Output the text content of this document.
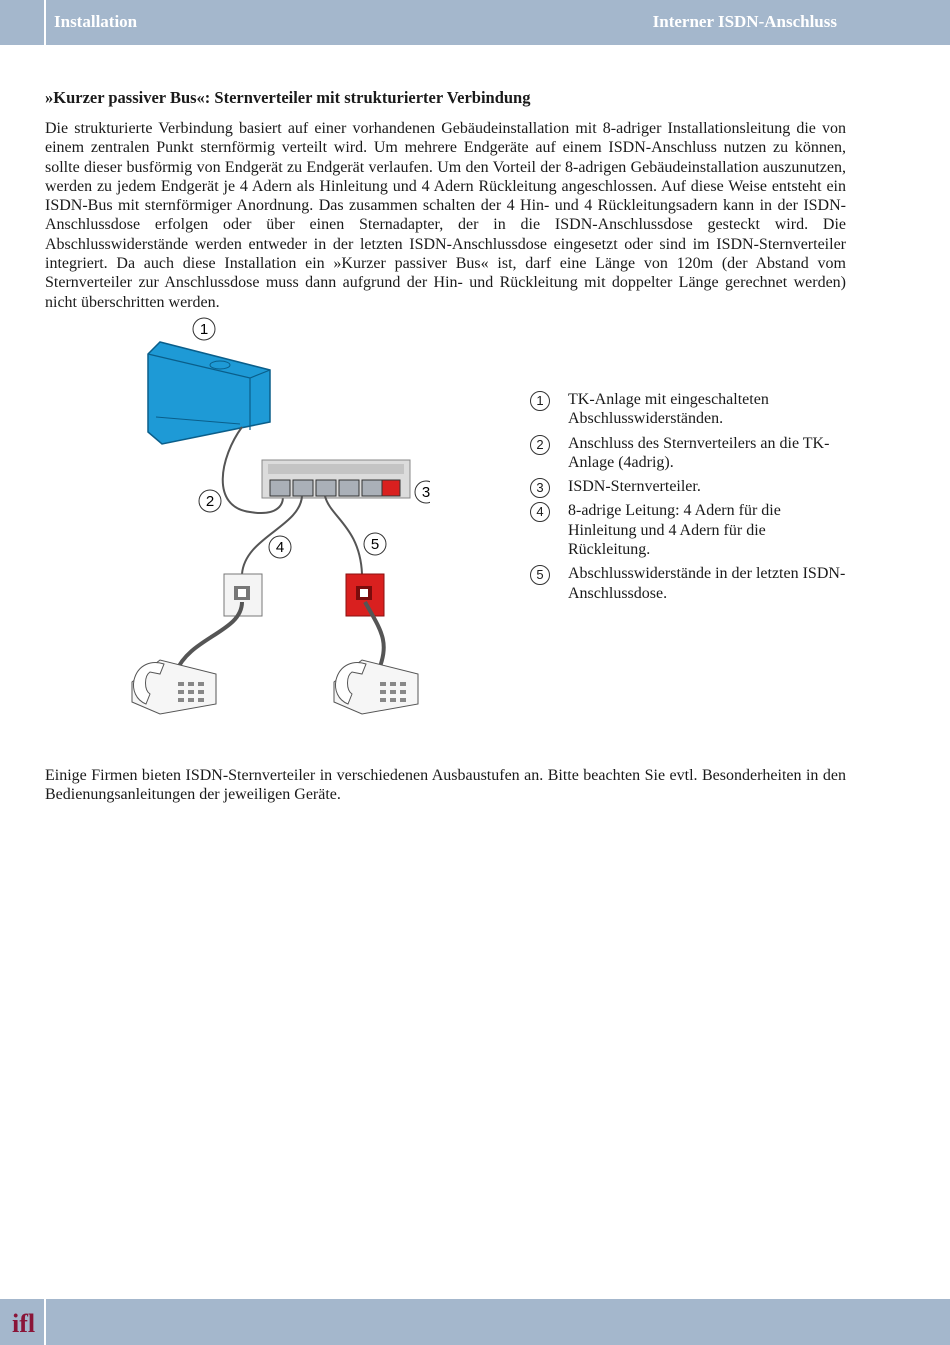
Installation	Interner ISDN-Anschluss
»Kurzer passiver Bus«: Sternverteiler mit strukturierter Verbindung
Die strukturierte Verbindung basiert auf einer vorhandenen Gebäudeinstallation mit 8-adriger Installationsleitung die von einem zentralen Punkt sternförmig verteilt wird. Um mehrere Endgeräte auf einem ISDN-Anschluss nutzen zu können, sollte dieser busförmig von Endgerät zu Endgerät verlaufen. Um den Vorteil der 8-adrigen Gebäudeinstallation auszunutzen, werden zu jedem Endgerät je 4 Adern als Hinleitung und 4 Adern Rückleitung angeschlossen. Auf diese Weise entsteht ein ISDN-Bus mit sternförmiger Anordnung. Das zusammen schalten der 4 Hin- und 4 Rückleitungsadern kann in der ISDN-Anschlussdose erfolgen oder über einen Sternadapter, der in die ISDN-Anschlussdose gesteckt wird. Die Abschlusswiderstände werden entweder in der letzten ISDN-Anschlussdose eingesetzt oder sind im ISDN-Sternverteiler integriert. Da auch diese Installation ein »Kurzer passiver Bus« ist, darf eine Länge von 120m (der Abstand vom Sternverteiler zur Anschlussdose muss dann aufgrund der Hin- und Rückleitung mit doppelter Länge gerechnet werden) nicht überschritten werden.
1
2
3
4	5
1	TK-Anlage mit eingeschalteten Abschlusswiderständen.
2	Anschluss des Sternverteilers an die TK-Anlage (4adrig).
3	ISDN-Sternverteiler.
4	8-adrige Leitung: 4 Adern für die Hinleitung und 4 Adern für die Rückleitung.
5	Abschlusswiderstände in der letzten ISDN-Anschlussdose.
Einige Firmen bieten ISDN-Sternverteiler in verschiedenen Ausbaustufen an. Bitte beachten Sie evtl. Besonderheiten in den Bedienungsanleitungen der jeweiligen Geräte.
ifl
